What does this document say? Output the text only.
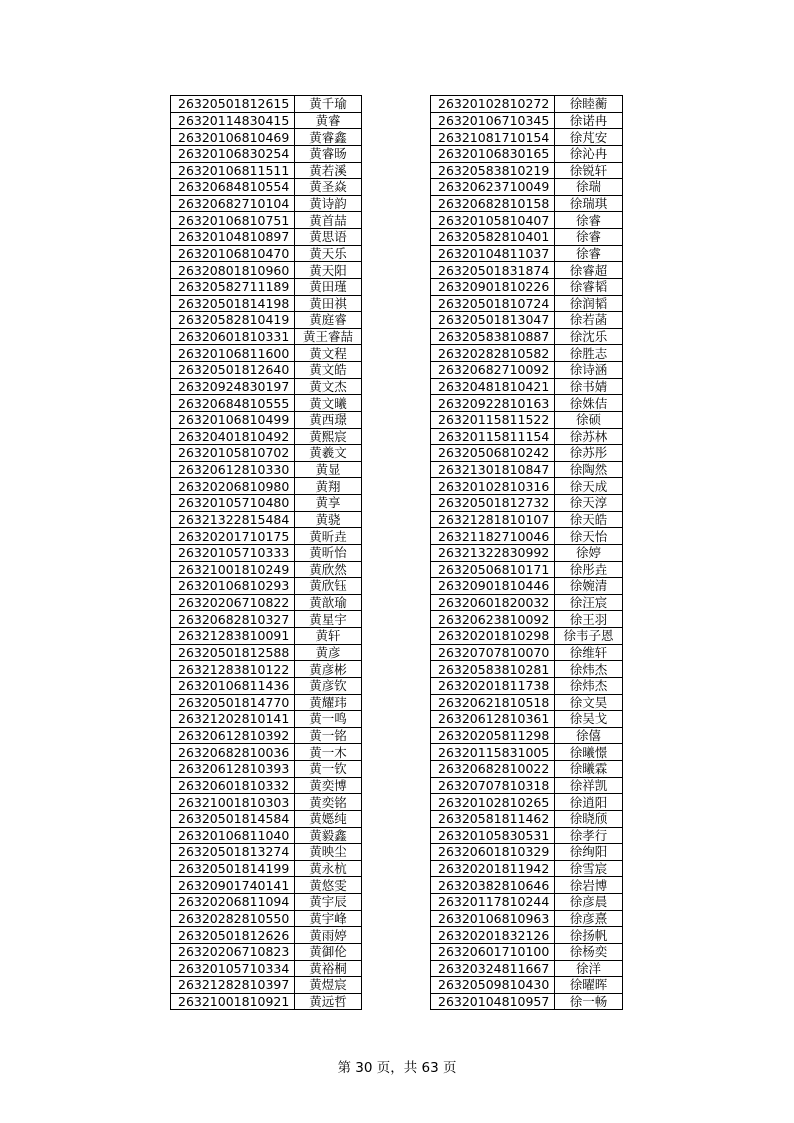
26320501812615	黄千瑜
26320114830415	黄睿
26320106810469	黄睿鑫
26320106830254	黄睿旸
26320106811511	黄若溪
26320684810554	黄圣焱
26320682710104	黄诗韵
26320106810751	黄首喆
26320104810897	黄思语
26320106810470	黄天乐
26320801810960	黄天阳
26320582711189	黄田瑾
26320501814198	黄田祺
26320582810419	黄庭睿
26320601810331	黄王睿喆
26320106811600	黄文程
26320501812640	黄文皓
26320924830197	黄文杰
26320684810555	黄文曦
26320106810499	黄西璟
26320401810492	黄熙宸
26320105810702	黄羲文
26320612810330	黄显
26320206810980	黄翔
26320105710480	黄享
26321322815484	黄骁
26320201710175	黄昕垚
26320105710333	黄昕怡
26321001810249	黄欣然
26320106810293	黄欣钰
26320206710822	黄歆瑜
26320682810327	黄星宇
26321283810091	黄轩
26320501812588	黄彦
26321283810122	黄彦彬
26320106811436	黄彦钦
26320501814770	黄耀玮
26321202810141	黄一鸣
26320612810392	黄一铭
26320682810036	黄一木
26320612810393	黄一钦
26320601810332	黄奕博
26321001810303	黄奕铭
26320501814584	黄嫕纯
26320106811040	黄毅鑫
26320501813274	黄映尘
26320501814199	黄永杭
26320901740141	黄悠雯
26320206811094	黄宇辰
26320282810550	黄宇峰
26320501812626	黄雨婷
26320206710823	黄御伦
26320105710334	黄裕桐
26321282810397	黄煜宸
26321001810921	黄远哲
26320102810272	徐睦蘅
26320106710345	徐诺冉
26321081710154	徐芃安
26320106830165	徐沁冉
26320583810219	徐锐轩
26320623710049	徐瑞
26320682810158	徐瑞琪
26320105810407	徐睿
26320582810401	徐睿
26320104811037	徐睿
26320501831874	徐睿超
26320901810226	徐睿韬
26320501810724	徐润韬
26320501813047	徐若菡
26320583810887	徐沈乐
26320282810582	徐胜志
26320682710092	徐诗涵
26320481810421	徐书婧
26320922810163	徐姝佶
26320115811522	徐硕
26320115811154	徐苏林
26320506810242	徐苏彤
26321301810847	徐陶然
26320102810316	徐天成
26320501812732	徐天淳
26321281810107	徐天皓
26321182710046	徐天怡
26321322830992	徐婷
26320506810171	徐彤垚
26320901810446	徐婉清
26320601820032	徐汪宸
26320623810092	徐王羽
26320201810298	徐韦子恩
26320707810070	徐维轩
26320583810281	徐炜杰
26320201811738	徐炜杰
26320621810518	徐文昊
26320612810361	徐吴戈
26320205811298	徐僖
26320115831005	徐曦憬
26320682810022	徐曦霖
26320707810318	徐祥凯
26320102810265	徐逍阳
26320581811462	徐晓颀
26320105830531	徐孝行
26320601810329	徐绚阳
26320201811942	徐雪宸
26320382810646	徐岩博
26320117810244	徐彦晨
26320106810963	徐彦熹
26320201832126	徐扬帆
26320601710100	徐杨奕
26320324811667	徐洋
26320509810430	徐曜晖
26320104810957	徐一畅
第 30 页，共 63 页
